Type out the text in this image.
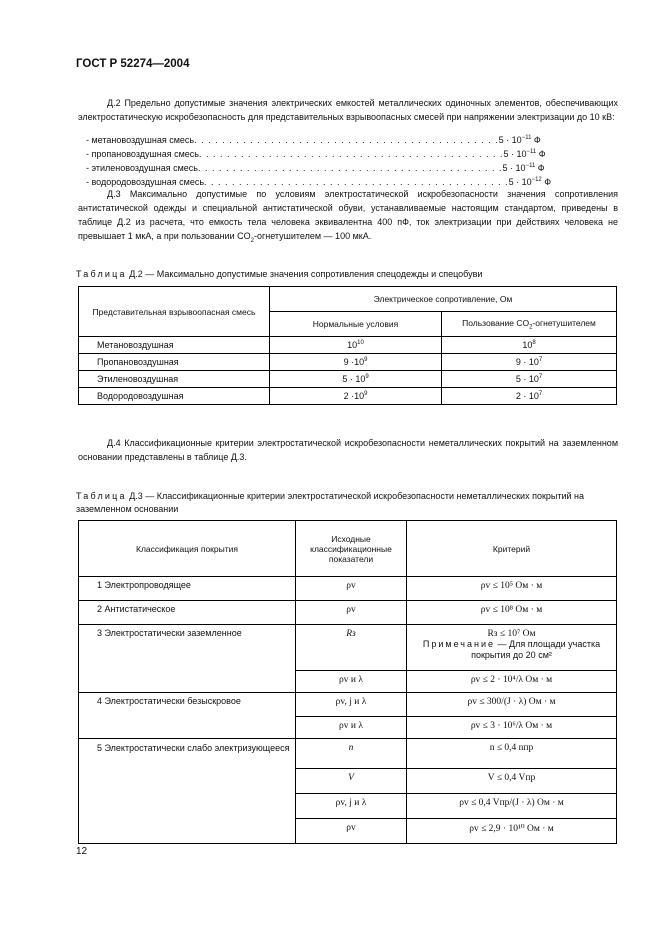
ГОСТ Р 52274—2004
Д.2 Предельно допустимые значения электрических емкостей металлических одиночных элементов, обеспечивающих электростатическую искробезопасность для представительных взрывоопасных смесей при напряжении электризации до 10 кВ:
- метановоздушная смесь . . . . . . . . . . . . . . . . . . . . . . . . . . . . . . . . . . . . . . . . . . . . $5 \cdot 10^{-11}$ Ф
- пропановоздушная смесь . . . . . . . . . . . . . . . . . . . . . . . . . . . . . . . . . . . . . . . . . . . . $5 \cdot 10^{-11}$ Ф
- этиленовоздушная смесь . . . . . . . . . . . . . . . . . . . . . . . . . . . . . . . . . . . . . . . . . . . . $5 \cdot 10^{-11}$ Ф
- водородовоздушная смесь . . . . . . . . . . . . . . . . . . . . . . . . . . . . . . . . . . . . . . . . . . . . $5 \cdot 10^{-12}$ Ф
Д.3 Максимально допустимые по условиям электростатической искробезопасности значения сопротивления антистатической одежды и специальной антистатической обуви, устанавливаемые настоящим стандартом, приведены в таблице Д.2 из расчета, что емкость тела человека эквивалентна 400 пФ, ток электризации при действиях человека не превышает 1 мкА, а при пользовании $CO_2$-огнетушителем — 100 мкА.
Таблица Д.2 — Максимально допустимые значения сопротивления спецодежды и спецобуви
Представительная взрывоопасная смесь	Электрическое сопротивление, Ом	
	Нормальные условия	Пользование $CO_2$-огнетушителем
Метановоздушная	$10^{10}$	$10^8$
Пропановоздушная	$9 \cdot 10^9$	$9 \cdot 10^7$
Этиленовоздушная	$5 \cdot 10^9$	$5 \cdot 10^7$
Водородовоздушная	$2 \cdot 10^9$	$2 \cdot 10^7$
Д.4 Классификационные критерии электростатической искробезопасности неметаллических покрытий на заземленном основании представлены в таблице Д.3.
Таблица Д.3 — Классификационные критерии электростатической искробезопасности неметаллических покрытий на заземленном основании
Классификация покрытия	Исходные классификационные показатели	Критерий
1 Электропроводящее	ρv	ρv ≤ 10⁵ Ом · м
2 Антистатическое	ρv	ρv ≤ 10⁸ Ом · м
3 Электростатически заземленное	Rз	Rз ≤ 10⁷ Ом
Примечание — Для площади участка покрытия до 20 см²

	ρv и λ	ρv ≤ 2 · 10⁴/λ Ом · м
4 Электростатически безыскровое	ρv, j и λ	ρv ≤ 300/(J · λ) Ом · м
	ρv и λ	ρv ≤ 3 · 10⁶/λ Ом · м
5 Электростатически слабо электризующееся	n	n ≤ 0,4 nпр
	V	V ≤ 0,4 Vпр
	ρv, j и λ	ρv ≤ 0,4 Vпр/(J · λ) Ом · м
	ρv	ρv ≤ 2,9 · 10¹⁰ Ом · м
12
